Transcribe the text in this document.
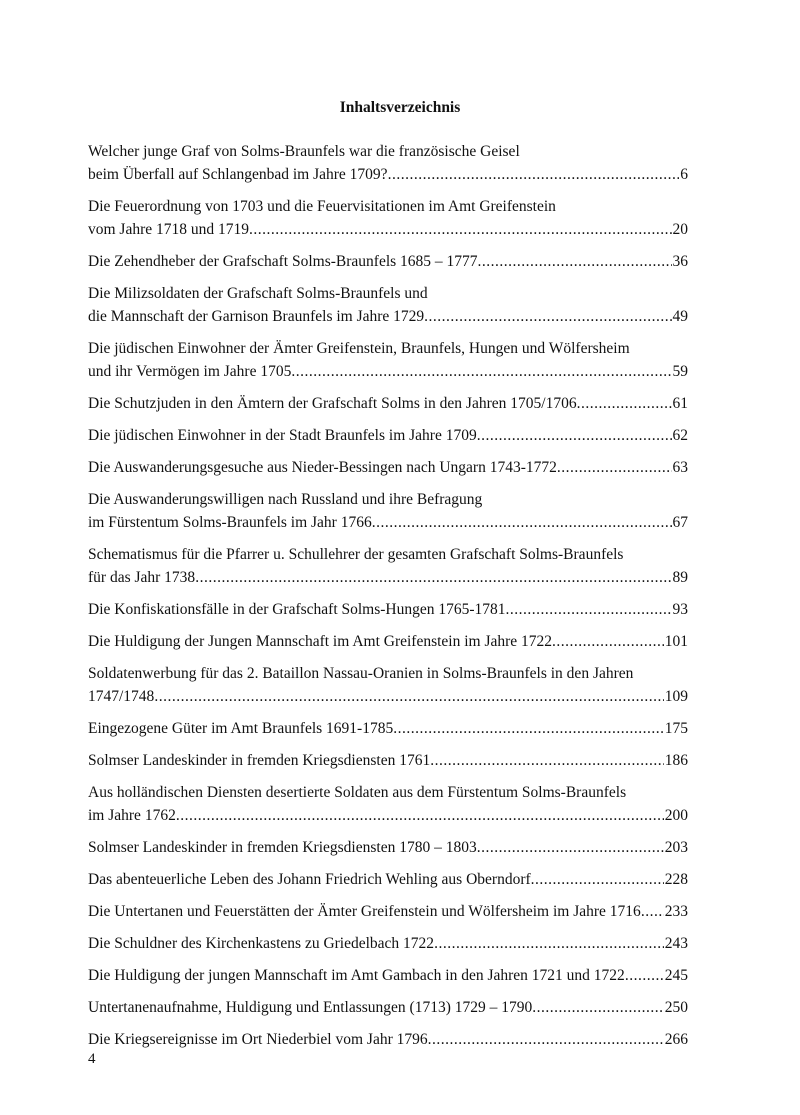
Inhaltsverzeichnis
Welcher junge Graf von Solms-Braunfels war die französische Geisel
beim Überfall auf Schlangenbad im Jahre 1709? .....	6
Die Feuerordnung von 1703 und die Feuervisitationen im Amt Greifenstein
vom Jahre 1718 und 1719 .....	20
Die Zehendheber der Grafschaft Solms-Braunfels 1685 – 1777 .....	36
Die Milizsoldaten der Grafschaft Solms-Braunfels und
die Mannschaft der Garnison Braunfels im Jahre 1729 .....	49
Die jüdischen Einwohner der Ämter Greifenstein, Braunfels, Hungen und Wölfersheim
und ihr Vermögen im Jahre 1705 .....	59
Die Schutzjuden in den Ämtern der Grafschaft Solms in den Jahren 1705/1706 .....	61
Die jüdischen Einwohner in der Stadt Braunfels im Jahre 1709 .....	62
Die Auswanderungsgesuche aus Nieder-Bessingen nach Ungarn 1743-1772 .....	63
Die Auswanderungswilligen nach Russland und ihre Befragung
im Fürstentum Solms-Braunfels im Jahr 1766 .....	67
Schematismus für die Pfarrer u. Schullehrer der gesamten Grafschaft Solms-Braunfels
für das Jahr 1738 .....	89
Die Konfiskationsfälle in der Grafschaft Solms-Hungen 1765-1781 .....	93
Die Huldigung der Jungen Mannschaft im Amt Greifenstein im Jahre 1722 .....	101
Soldatenwerbung für das 2. Bataillon Nassau-Oranien in Solms-Braunfels in den Jahren
1747/1748 .....	109
Eingezogene Güter im Amt Braunfels 1691-1785 .....	175
Solmser Landeskinder in fremden Kriegsdiensten 1761 .....	186
Aus holländischen Diensten desertierte Soldaten aus dem Fürstentum Solms-Braunfels
im Jahre 1762 .....	200
Solmser Landeskinder in fremden Kriegsdiensten 1780 – 1803 .....	203
Das abenteuerliche Leben des Johann Friedrich Wehling aus Oberndorf .....	228
Die Untertanen und Feuerstätten der Ämter Greifenstein und Wölfersheim im Jahre 1716 ..... 233
Die Schuldner des Kirchenkastens zu Griedelbach 1722 .....	243
Die Huldigung der jungen Mannschaft im Amt Gambach in den Jahren 1721 und 1722 .....	245
Untertanenaufnahme, Huldigung und Entlassungen (1713) 1729 – 1790 .....	250
Die Kriegsereignisse im Ort Niederbiel vom Jahr 1796 .....	266
4
